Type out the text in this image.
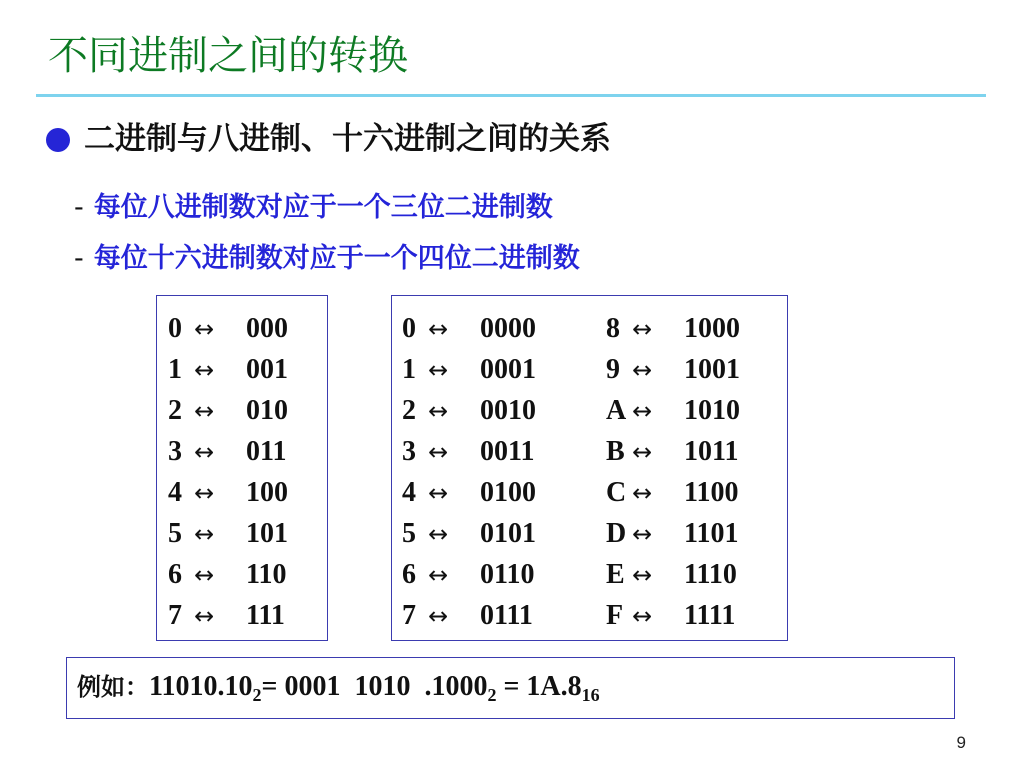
不同进制之间的转换
二进制与八进制、十六进制之间的关系
- 每位八进制数对应于一个三位二进制数
- 每位十六进制数对应于一个四位二进制数
0 ↔ 000
1 ↔ 001
2 ↔ 010
3 ↔ 011
4 ↔ 100
5 ↔ 101
6 ↔ 110
7 ↔ 111
0 ↔ 0000
1 ↔ 0001
2 ↔ 0010
3 ↔ 0011
4 ↔ 0100
5 ↔ 0101
6 ↔ 0110
7 ↔ 0111
8 ↔ 1000
9 ↔ 1001
A ↔ 1010
B ↔ 1011
C ↔ 1100
D ↔ 1101
E ↔ 1110
F ↔ 1111
例如：$11010.10_2= 0001$ 1010 $.1000_2 = 1A.8_{16}$
9
